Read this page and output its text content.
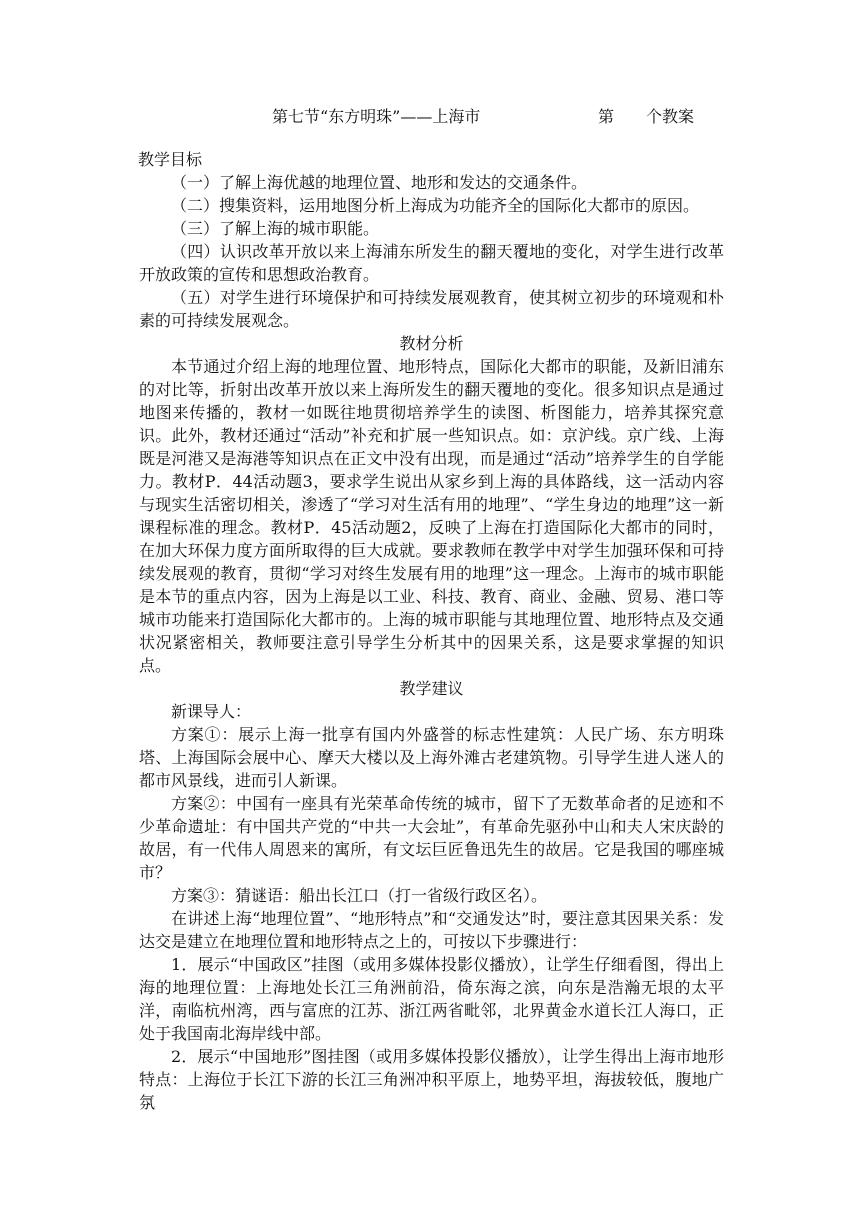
第七节“东方明珠”——上海市	第　　个教案

教学目标

（一）了解上海优越的地理位置、地形和发达的交通条件。

（二）搜集资料，运用地图分析上海成为功能齐全的国际化大都市的原因。

（三）了解上海的城市职能。

（四）认识改革开放以来上海浦东所发生的翻天覆地的变化，对学生进行改革开放政策的宣传和思想政治教育。

（五）对学生进行环境保护和可持续发展观教育，使其树立初步的环境观和朴素的可持续发展观念。

教材分析

本节通过介绍上海的地理位置、地形特点，国际化大都市的职能，及新旧浦东的对比等，折射出改革开放以来上海所发生的翻天覆地的变化。很多知识点是通过地图来传播的，教材一如既往地贯彻培养学生的读图、析图能力，培养其探究意识。此外，教材还通过“活动”补充和扩展一些知识点。如：京沪线。京广线、上海既是河港又是海港等知识点在正文中没有出现，而是通过“活动”培养学生的自学能力。教材P．44活动题3，要求学生说出从家乡到上海的具体路线，这一活动内容与现实生活密切相关，渗透了“学习对生活有用的地理”、“学生身边的地理”这一新课程标准的理念。教材P．45活动题2，反映了上海在打造国际化大都市的同时，在加大环保力度方面所取得的巨大成就。要求教师在教学中对学生加强环保和可持续发展观的教育，贯彻“学习对终生发展有用的地理”这一理念。上海市的城市职能是本节的重点内容，因为上海是以工业、科技、教育、商业、金融、贸易、港口等城市功能来打造国际化大都市的。上海的城市职能与其地理位置、地形特点及交通状况紧密相关，教师要注意引导学生分析其中的因果关系，这是要求掌握的知识点。

教学建议

新课导人：

方案①：展示上海一批享有国内外盛誉的标志性建筑：人民广场、东方明珠塔、上海国际会展中心、摩天大楼以及上海外滩古老建筑物。引导学生进人迷人的都市风景线，进而引人新课。

方案②：中国有一座具有光荣革命传统的城市，留下了无数革命者的足迹和不少革命遗址：有中国共产党的“中共一大会址”，有革命先驱孙中山和夫人宋庆龄的故居，有一代伟人周恩来的寓所，有文坛巨匠鲁迅先生的故居。它是我国的哪座城市？

方案③：猜谜语：船出长江口（打一省级行政区名）。

在讲述上海“地理位置”、“地形特点”和“交通发达”时，要注意其因果关系：发达交是建立在地理位置和地形特点之上的，可按以下步骤进行：

1．展示“中国政区”挂图（或用多媒体投影仪播放），让学生仔细看图，得出上海的地理位置：上海地处长江三角洲前沿，倚东海之滨，向东是浩瀚无垠的太平洋，南临杭州湾，西与富庶的江苏、浙江两省毗邻，北界黄金水道长江人海口，正处于我国南北海岸线中部。

2．展示“中国地形”图挂图（或用多媒体投影仪播放），让学生得出上海市地形特点：上海位于长江下游的长江三角洲冲积平原上，地势平坦，海拔较低，腹地广氛
